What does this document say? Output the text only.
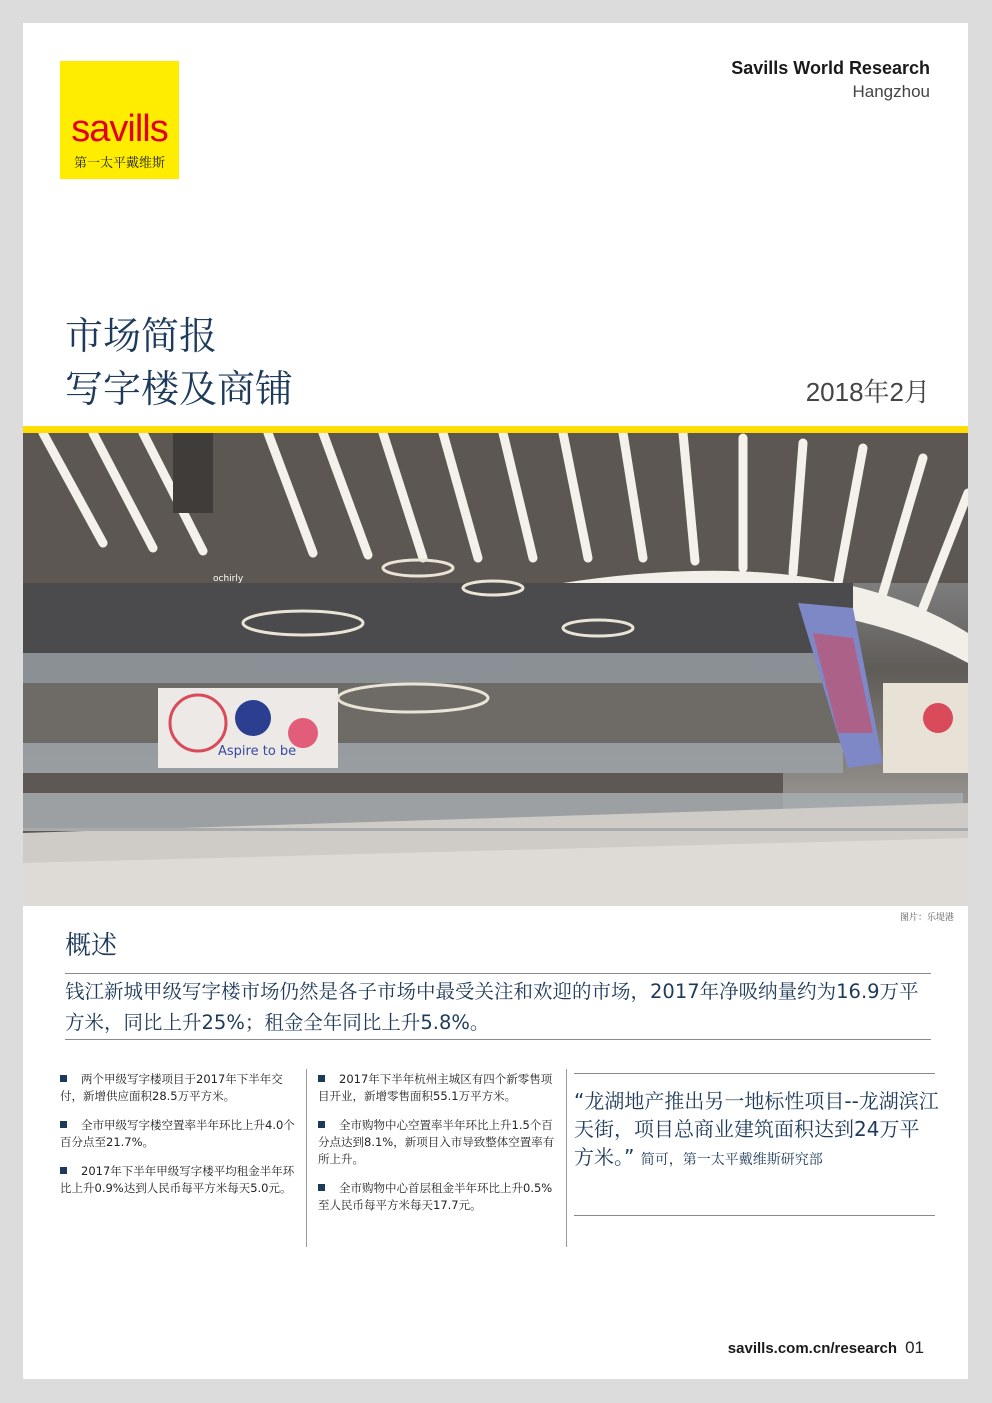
savills
第一太平戴维斯
Savills World Research
Hangzhou
市场简报
写字楼及商铺	2018年2月
Aspire to be
ochirly
图片：乐堤港
概述
钱江新城甲级写字楼市场仍然是各子市场中最受关注和欢迎的市场，2017年净吸纳量约为16.9万平方米，同比上升25%；租金全年同比上升5.8%。
两个甲级写字楼项目于2017年下半年交付，新增供应面积28.5万平方米。
全市甲级写字楼空置率半年环比上升4.0个百分点至21.7%。
2017年下半年甲级写字楼平均租金半年环比上升0.9%达到人民币每平方米每天5.0元。
2017年下半年杭州主城区有四个新零售项目开业，新增零售面积55.1万平方米。
全市购物中心空置率半年环比上升1.5个百分点达到8.1%，新项目入市导致整体空置率有所上升。
全市购物中心首层租金半年环比上升0.5%至人民币每平方米每天17.7元。
“龙湖地产推出另一地标性项目--龙湖滨江天街，项目总商业建筑面积达到24万平方米。” 简可，第一太平戴维斯研究部
savills.com.cn/research 01
